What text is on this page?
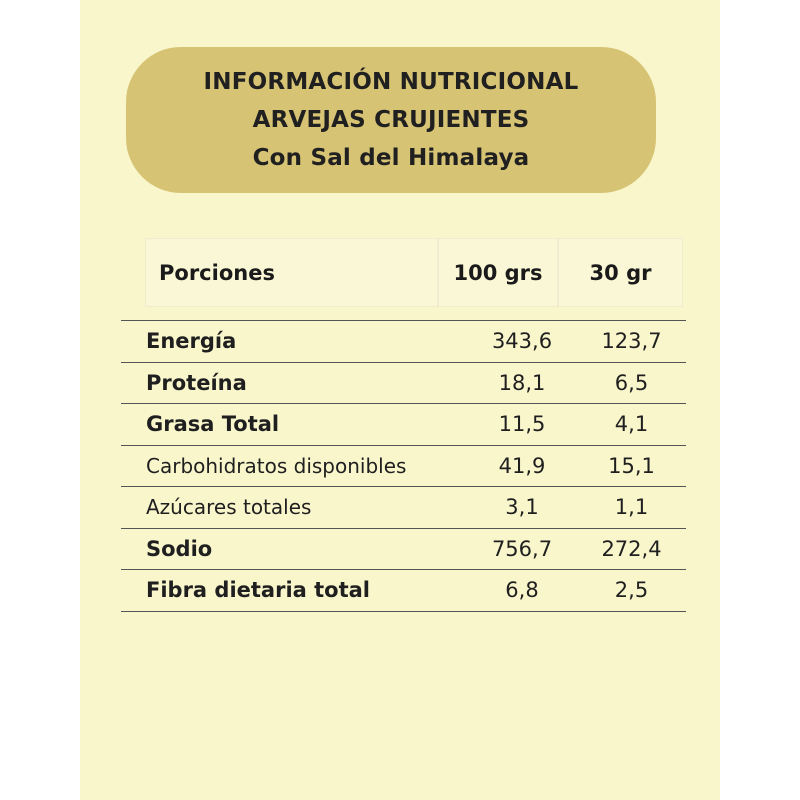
INFORMACIÓN NUTRICIONAL
ARVEJAS CRUJIENTES
Con Sal del Himalaya
Porciones	100 grs	30 gr
Energía	343,6	123,7
Proteína	18,1	6,5
Grasa Total	11,5	4,1
Carbohidratos disponibles	41,9	15,1
Azúcares totales	3,1	1,1
Sodio	756,7	272,4
Fibra dietaria total	6,8	2,5
